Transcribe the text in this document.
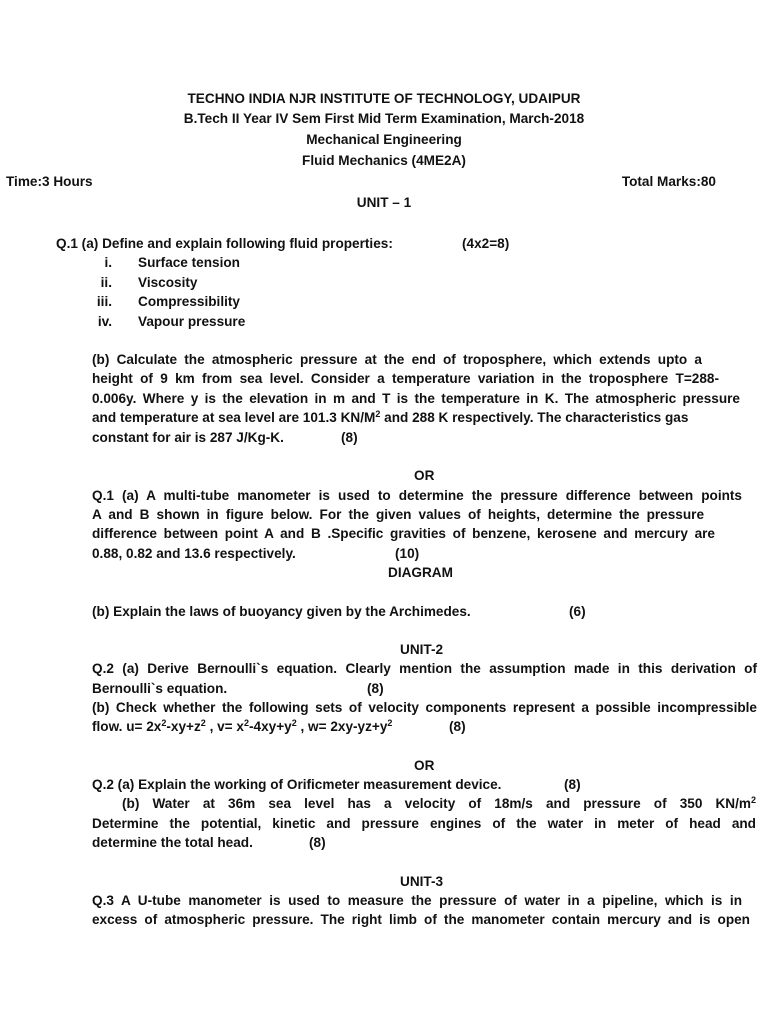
TECHNO INDIA NJR INSTITUTE OF TECHNOLOGY, UDAIPUR
B.Tech II Year IV Sem First Mid Term Examination, March-2018
Mechanical Engineering
Fluid Mechanics (4ME2A)
Time:3 Hours	Total Marks:80
UNIT – 1
Q.1 (a) Define and explain following fluid properties:	(4x2=8)
i. Surface tension
ii. Viscosity
iii. Compressibility
iv. Vapour pressure
(b) Calculate the atmospheric pressure at the end of troposphere, which extends upto a
height of 9 km from sea level. Consider a temperature variation in the troposphere T=288-
0.006y. Where y is the elevation in m and T is the temperature in K. The atmospheric pressure
and temperature at sea level are 101.3 $KN/M^2$ and 288 K respectively. The characteristics gas
constant for air is 287 J/Kg-K.	(8)
OR
Q.1 (a) A multi-tube manometer is used to determine the pressure difference between points
A and B shown in figure below. For the given values of heights, determine the pressure
difference between point A and B .Specific gravities of benzene, kerosene and mercury are
0.88, 0.82 and 13.6 respectively.	(10)
DIAGRAM
(b) Explain the laws of buoyancy given by the Archimedes.	(6)
UNIT-2
Q.2 (a) Derive Bernoulli`s equation. Clearly mention the assumption made in this derivation of
Bernoulli`s equation.	(8)
(b) Check whether the following sets of velocity components represent a possible incompressible
flow. $u= 2x^2-xy+z^2$ , $v= x^2-4xy+y^2$ , $w= 2xy-yz+y^2$	(8)
OR
Q.2 (a) Explain the working of Orificmeter measurement device.	(8)
(b) Water at 36m sea level has a velocity of 18m/s and pressure of 350 $KN/m^2$
Determine the potential, kinetic and pressure engines of the water in meter of head and
determine the total head.	(8)
UNIT-3
Q.3 A U-tube manometer is used to measure the pressure of water in a pipeline, which is in
excess of atmospheric pressure. The right limb of the manometer contain mercury and is open
